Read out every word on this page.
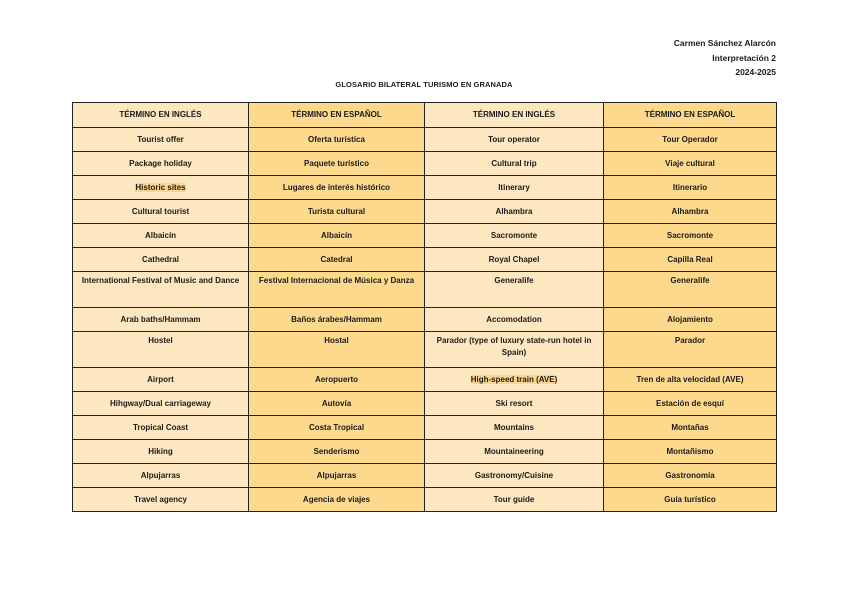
Carmen Sánchez Alarcón
Interpretación 2
2024-2025
GLOSARIO BILATERAL TURISMO EN GRANADA
TÉRMINO EN INGLÉS	TÉRMINO EN ESPAÑOL	TÉRMINO EN INGLÉS	TÉRMINO EN ESPAÑOL
Tourist offer	Oferta turística	Tour operator	Tour Operador
Package holiday	Paquete turístico	Cultural trip	Viaje cultural
Historic sites	Lugares de interés histórico	Itinerary	Itinerario
Cultural tourist	Turista cultural	Alhambra	Alhambra
Albaicín	Albaicín	Sacromonte	Sacromonte
Cathedral	Catedral	Royal Chapel	Capilla Real
International Festival of Music and Dance	Festival Internacional de Música y Danza	Generalife	Generalife
Arab baths/Hammam	Baños árabes/Hammam	Accomodation	Alojamiento
Hostel	Hostal	Parador (type of luxury state-run hotel in Spain)	Parador
Airport	Aeropuerto	High-speed train (AVE)	Tren de alta velocidad (AVE)
Hihgway/Dual carriageway	Autovía	Ski resort	Estación de esquí
Tropical Coast	Costa Tropical	Mountains	Montañas
Hiking	Senderismo	Mountaineering	Montañismo
Alpujarras	Alpujarras	Gastronomy/Cuisine	Gastronomía
Travel agency	Agencia de viajes	Tour guide	Guía turístico
